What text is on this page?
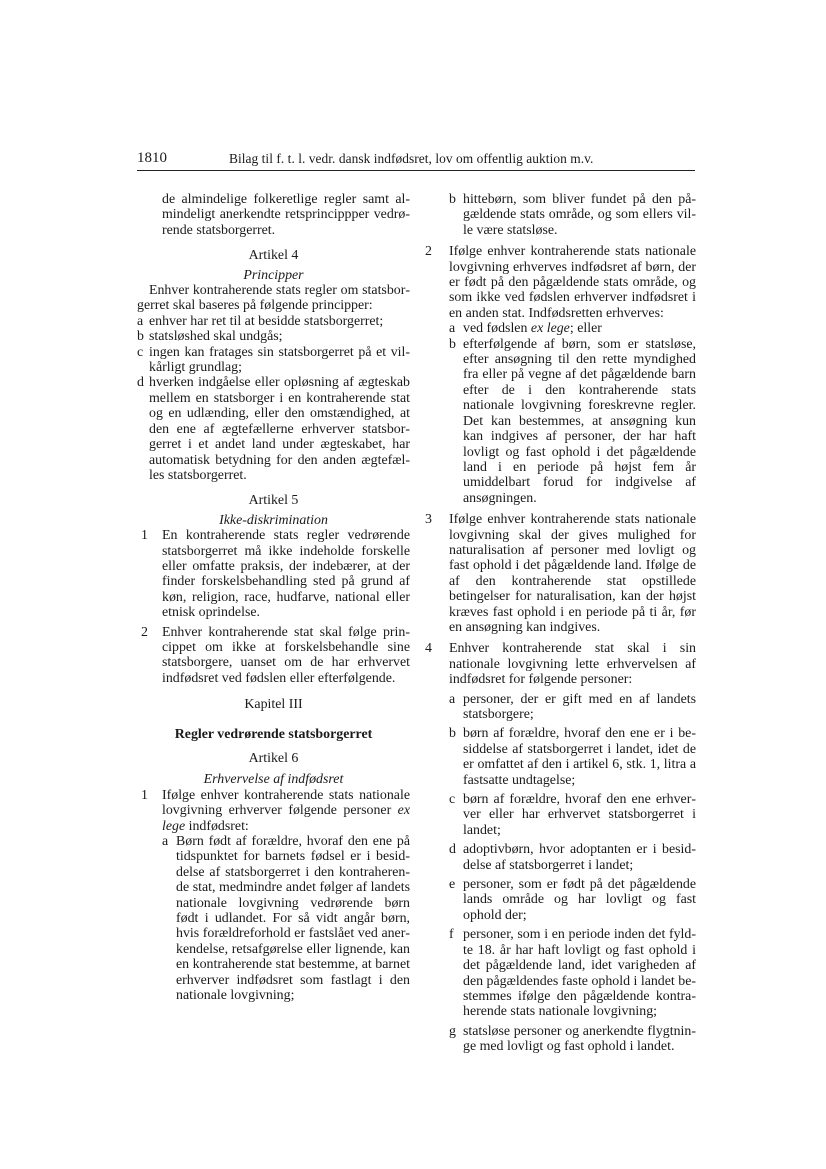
1810	Bilag til f. t. l. vedr. dansk indfødsret, lov om offentlig auktion m.v.

de almindelige folkeretlige regler samt almindeligt anerkendte retsprincippper vedrørende statsborgerret.

Artikel 4

Principper

Enhver kontraherende stats regler om statsborgerret skal baseres på følgende principper:

a enhver har ret til at besidde statsborgerret;
b statsløshed skal undgås;
c ingen kan fratages sin statsborgerret på et vilkårligt grundlag;
d hverken indgåelse eller opløsning af ægteskab mellem en statsborger i en kontraherende stat og en udlænding, eller den omstændighed, at den ene af ægtefællerne erhverver statsborgerret i et andet land under ægteskabet, har automatisk betydning for den anden ægtefælles statsborgerret.

Artikel 5

Ikke-diskrimination

1 En kontraherende stats regler vedrørende statsborgerret må ikke indeholde forskelle eller omfatte praksis, der indebærer, at der finder forskelsbehandling sted på grund af køn, religion, race, hudfarve, national eller etnisk oprindelse.
2 Enhver kontraherende stat skal følge princippet om ikke at forskelsbehandle sine statsborgere, uanset om de har erhvervet indfødsret ved fødslen eller efterfølgende.

Kapitel III

Regler vedrørende statsborgerret

Artikel 6

Erhvervelse af indfødsret

1 Ifølge enhver kontraherende stats nationale lovgivning erhverver følgende personer ex lege indfødsret:
a Børn født af forældre, hvoraf den ene på tidspunktet for barnets fødsel er i besiddelse af statsborgerret i den kontraherende stat, medmindre andet følger af landets nationale lovgivning vedrørende børn født i udlandet. For så vidt angår børn, hvis forældreforhold er fastslået ved anerkendelse, retsafgørelse eller lignende, kan en kontraherende stat bestemme, at barnet erhverver indfødsret som fastlagt i den nationale lovgivning;
b hittebørn, som bliver fundet på den pågældende stats område, og som ellers ville være statsløse.
2 Ifølge enhver kontraherende stats nationale lovgivning erhverves indfødsret af børn, der er født på den pågældende stats område, og som ikke ved fødslen erhverver indfødsret i en anden stat. Indfødsretten erhverves:
a ved fødslen ex lege; eller
b efterfølgende af børn, som er statsløse, efter ansøgning til den rette myndighed fra eller på vegne af det pågældende barn efter de i den kontraherende stats nationale lovgivning foreskrevne regler. Det kan bestemmes, at ansøgning kun kan indgives af personer, der har haft lovligt og fast ophold i det pågældende land i en periode på højst fem år umiddelbart forud for indgivelse af ansøgningen.
3 Ifølge enhver kontraherende stats nationale lovgivning skal der gives mulighed for naturalisation af personer med lovligt og fast ophold i det pågældende land. Ifølge de af den kontraherende stat opstillede betingelser for naturalisation, kan der højst kræves fast ophold i en periode på ti år, før en ansøgning kan indgives.
4 Enhver kontraherende stat skal i sin nationale lovgivning lette erhvervelsen af indfødsret for følgende personer:
a personer, der er gift med en af landets statsborgere;
b børn af forældre, hvoraf den ene er i besiddelse af statsborgerret i landet, idet de er omfattet af den i artikel 6, stk. 1, litra a fastsatte undtagelse;
c børn af forældre, hvoraf den ene erhverver eller har erhvervet statsborgerret i landet;
d adoptivbørn, hvor adoptanten er i besiddelse af statsborgerret i landet;
e personer, som er født på det pågældende lands område og har lovligt og fast ophold der;
f personer, som i en periode inden det fyldte 18. år har haft lovligt og fast ophold i det pågældende land, idet varigheden af den pågældendes faste ophold i landet bestemmes ifølge den pågældende kontraherende stats nationale lovgivning;
g statsløse personer og anerkendte flygtninge med lovligt og fast ophold i landet.
